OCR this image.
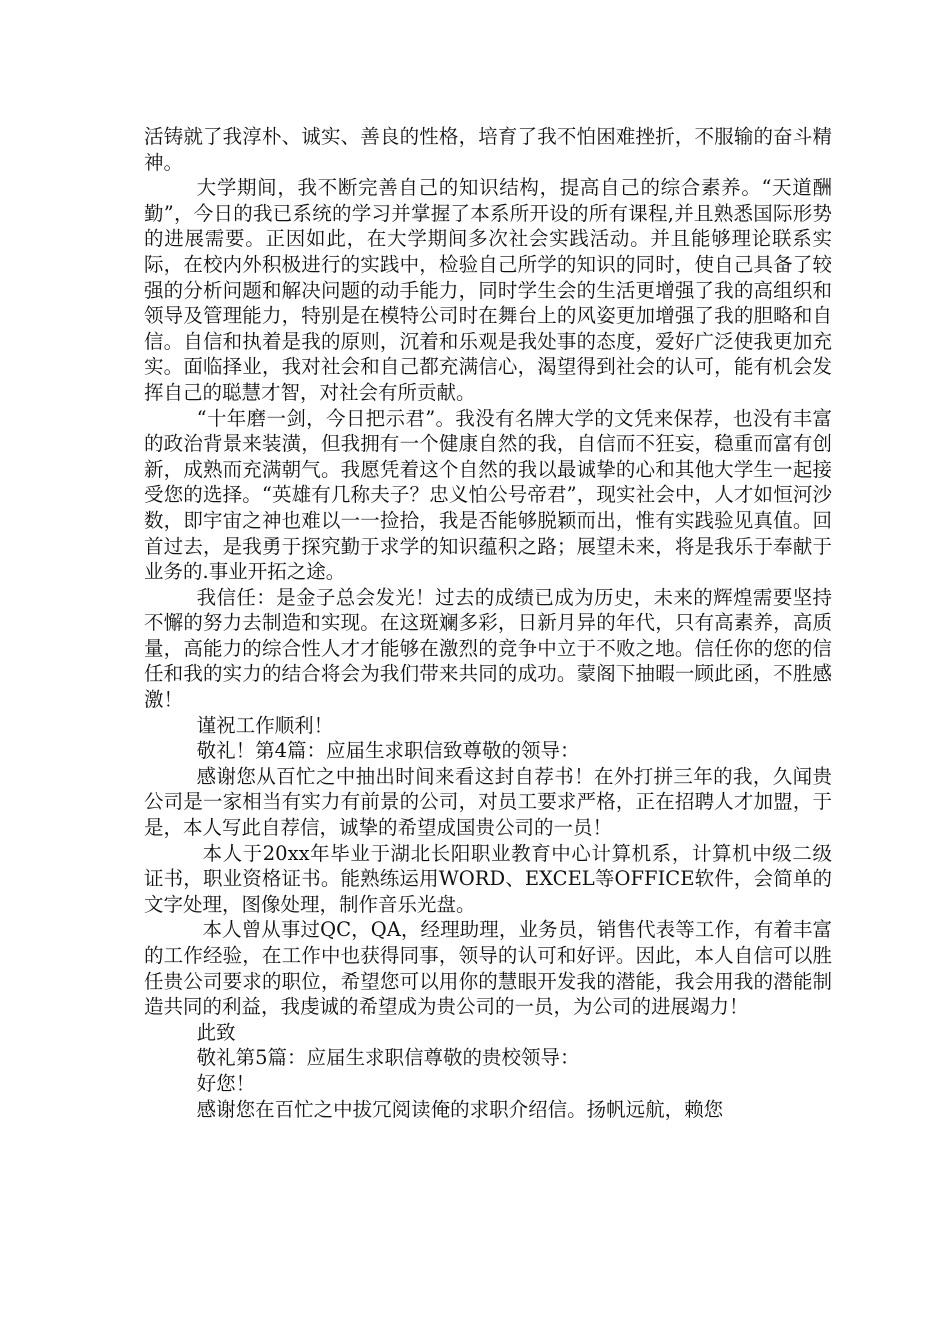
活铸就了我淳朴、诚实、善良的性格，培育了我不怕困难挫折，不服输的奋斗精神。

大学期间，我不断完善自己的知识结构，提高自己的综合素养。“天道酬勤”，今日的我已系统的学习并掌握了本系所开设的所有课程,并且熟悉国际形势的进展需要。正因如此，在大学期间多次社会实践活动。并且能够理论联系实际，在校内外积极进行的实践中，检验自己所学的知识的同时，使自己具备了较强的分析问题和解决问题的动手能力，同时学生会的生活更增强了我的高组织和领导及管理能力，特别是在模特公司时在舞台上的风姿更加增强了我的胆略和自信。自信和执着是我的原则，沉着和乐观是我处事的态度，爱好广泛使我更加充实。面临择业，我对社会和自己都充满信心，渴望得到社会的认可，能有机会发挥自己的聪慧才智，对社会有所贡献。

“十年磨一剑，今日把示君”。我没有名牌大学的文凭来保荐，也没有丰富的政治背景来装潢，但我拥有一个健康自然的我，自信而不狂妄，稳重而富有创新，成熟而充满朝气。我愿凭着这个自然的我以最诚挚的心和其他大学生一起接受您的选择。“英雄有几称夫子？忠义怕公号帝君”，现实社会中，人才如恒河沙数，即宇宙之神也难以一一捡拾，我是否能够脱颖而出，惟有实践验见真值。回首过去，是我勇于探究勤于求学的知识蕴积之路；展望未来，将是我乐于奉献于业务的.事业开拓之途。

我信任：是金子总会发光！过去的成绩已成为历史，未来的辉煌需要坚持不懈的努力去制造和实现。在这斑斓多彩，日新月异的年代，只有高素养，高质量，高能力的综合性人才才能够在激烈的竞争中立于不败之地。信任你的您的信任和我的实力的结合将会为我们带来共同的成功。蒙阁下抽暇一顾此函，不胜感激！

谨祝工作顺利！

敬礼！第4篇：应届生求职信致尊敬的领导：

感谢您从百忙之中抽出时间来看这封自荐书！在外打拼三年的我，久闻贵公司是一家相当有实力有前景的公司，对员工要求严格，正在招聘人才加盟，于是，本人写此自荐信，诚挚的希望成国贵公司的一员！

本人于20xx年毕业于湖北长阳职业教育中心计算机系，计算机中级二级证书，职业资格证书。能熟练运用WORD、EXCEL等OFFICE软件，会简单的文字处理，图像处理，制作音乐光盘。

本人曾从事过QC，QA，经理助理，业务员，销售代表等工作，有着丰富的工作经验，在工作中也获得同事，领导的认可和好评。因此，本人自信可以胜任贵公司要求的职位，希望您可以用你的慧眼开发我的潜能，我会用我的潜能制造共同的利益，我虔诚的希望成为贵公司的一员，为公司的进展竭力！

此致

敬礼第5篇：应届生求职信尊敬的贵校领导：

好您！

感谢您在百忙之中拔冗阅读俺的求职介绍信。扬帆远航，赖您
